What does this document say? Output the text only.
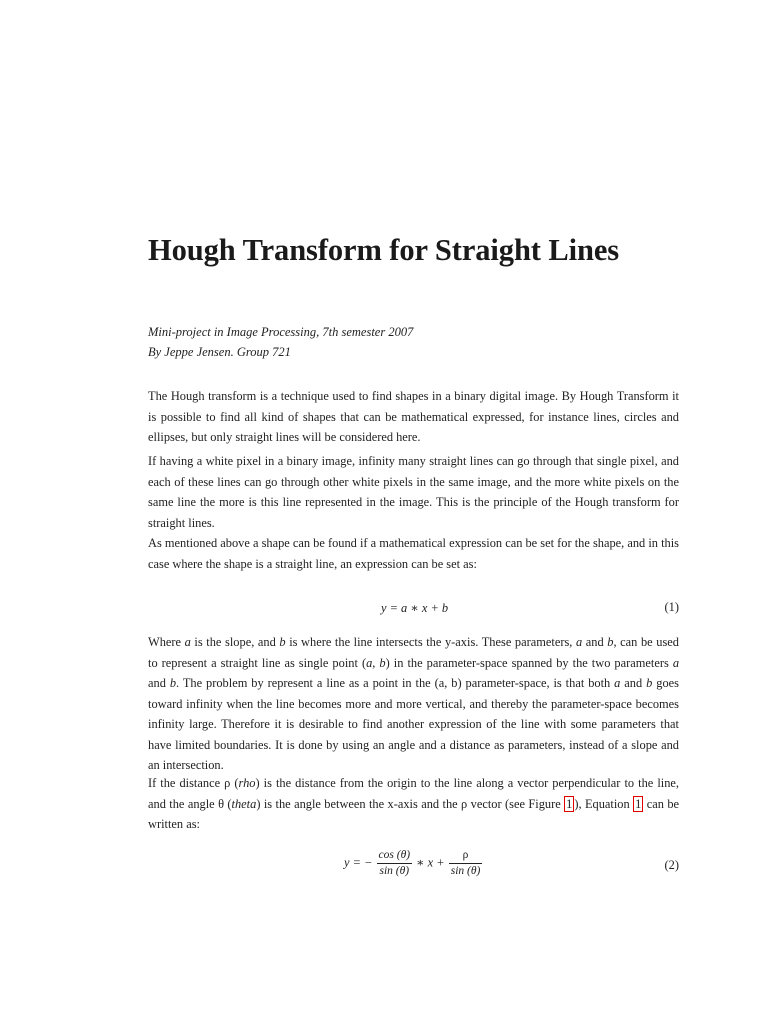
Hough Transform for Straight Lines
Mini-project in Image Processing, 7th semester 2007
By Jeppe Jensen. Group 721

The Hough transform is a technique used to find shapes in a binary digital image. By Hough Transform it is possible to find all kind of shapes that can be mathematical expressed, for instance lines, circles and ellipses, but only straight lines will be considered here.

If having a white pixel in a binary image, infinity many straight lines can go through that single pixel, and each of these lines can go through other white pixels in the same image, and the more white pixels on the same line the more is this line represented in the image. This is the principle of the Hough transform for straight lines.

As mentioned above a shape can be found if a mathematical expression can be set for the shape, and in this case where the shape is a straight line, an expression can be set as:

y = a ∗ x + b	(1)

Where a is the slope, and b is where the line intersects the y-axis. These parameters, a and b, can be used to represent a straight line as single point (a, b) in the parameter-space spanned by the two parameters a and b. The problem by represent a line as a point in the (a, b) parameter-space, is that both a and b goes toward infinity when the line becomes more and more vertical, and thereby the parameter-space becomes infinity large. Therefore it is desirable to find another expression of the line with some parameters that have limited boundaries. It is done by using an angle and a distance as parameters, instead of a slope and an intersection.

If the distance ρ (rho) is the distance from the origin to the line along a vector perpendicular to the line, and the angle θ (theta) is the angle between the x-axis and the ρ vector (see Figure 1 ), Equation 1 can be written as:

y = − $\frac{\cos (\theta)}{\sin (\theta)}$ ∗ $x + \frac{\rho}{\sin (\theta)}$	(2)
